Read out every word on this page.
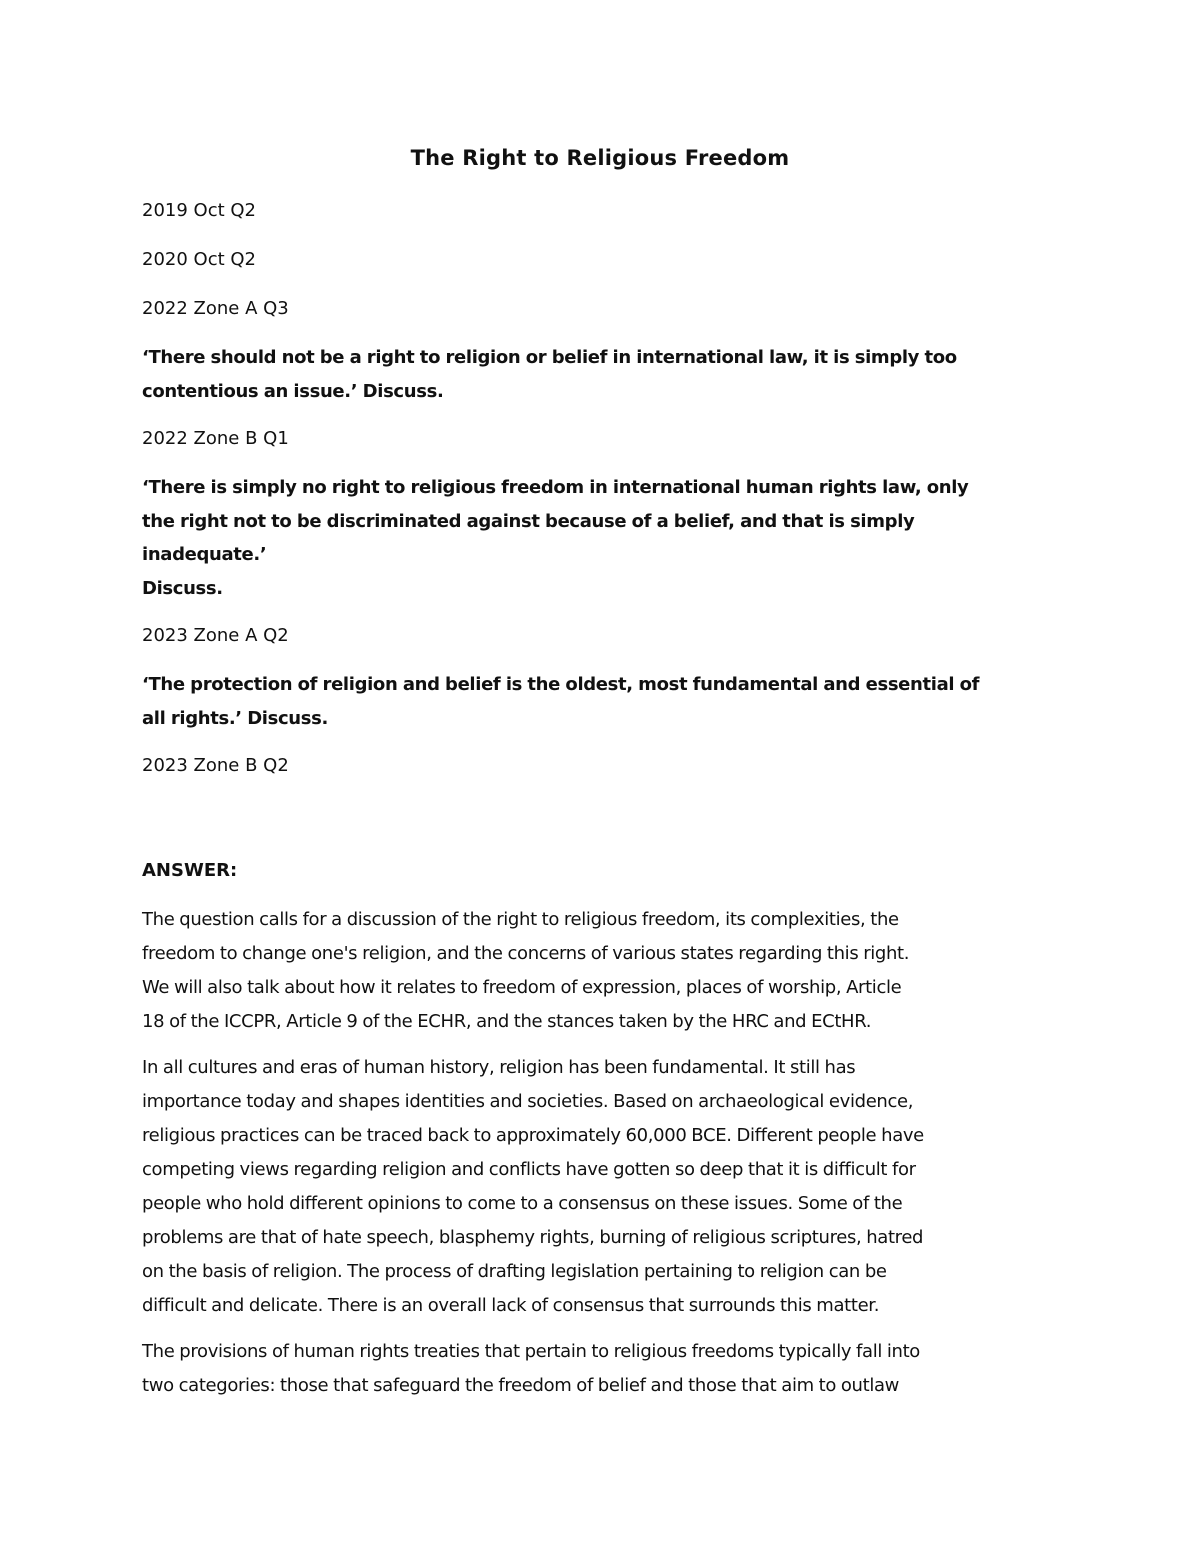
The Right to Religious Freedom
2019 Oct Q2
2020 Oct Q2
2022 Zone A Q3
‘There should not be a right to religion or belief in international law, it is simply too
contentious an issue.’ Discuss.
2022 Zone B Q1
‘There is simply no right to religious freedom in international human rights law, only
the right not to be discriminated against because of a belief, and that is simply
inadequate.’
Discuss.
2023 Zone A Q2
‘The protection of religion and belief is the oldest, most fundamental and essential of
all rights.’ Discuss.
2023 Zone B Q2
ANSWER:
The question calls for a discussion of the right to religious freedom, its complexities, the
freedom to change one's religion, and the concerns of various states regarding this right.
We will also talk about how it relates to freedom of expression, places of worship, Article
18 of the ICCPR, Article 9 of the ECHR, and the stances taken by the HRC and ECtHR.
In all cultures and eras of human history, religion has been fundamental. It still has
importance today and shapes identities and societies. Based on archaeological evidence,
religious practices can be traced back to approximately 60,000 BCE. Different people have
competing views regarding religion and conflicts have gotten so deep that it is difficult for
people who hold different opinions to come to a consensus on these issues. Some of the
problems are that of hate speech, blasphemy rights, burning of religious scriptures, hatred
on the basis of religion. The process of drafting legislation pertaining to religion can be
difficult and delicate. There is an overall lack of consensus that surrounds this matter.
The provisions of human rights treaties that pertain to religious freedoms typically fall into
two categories: those that safeguard the freedom of belief and those that aim to outlaw
